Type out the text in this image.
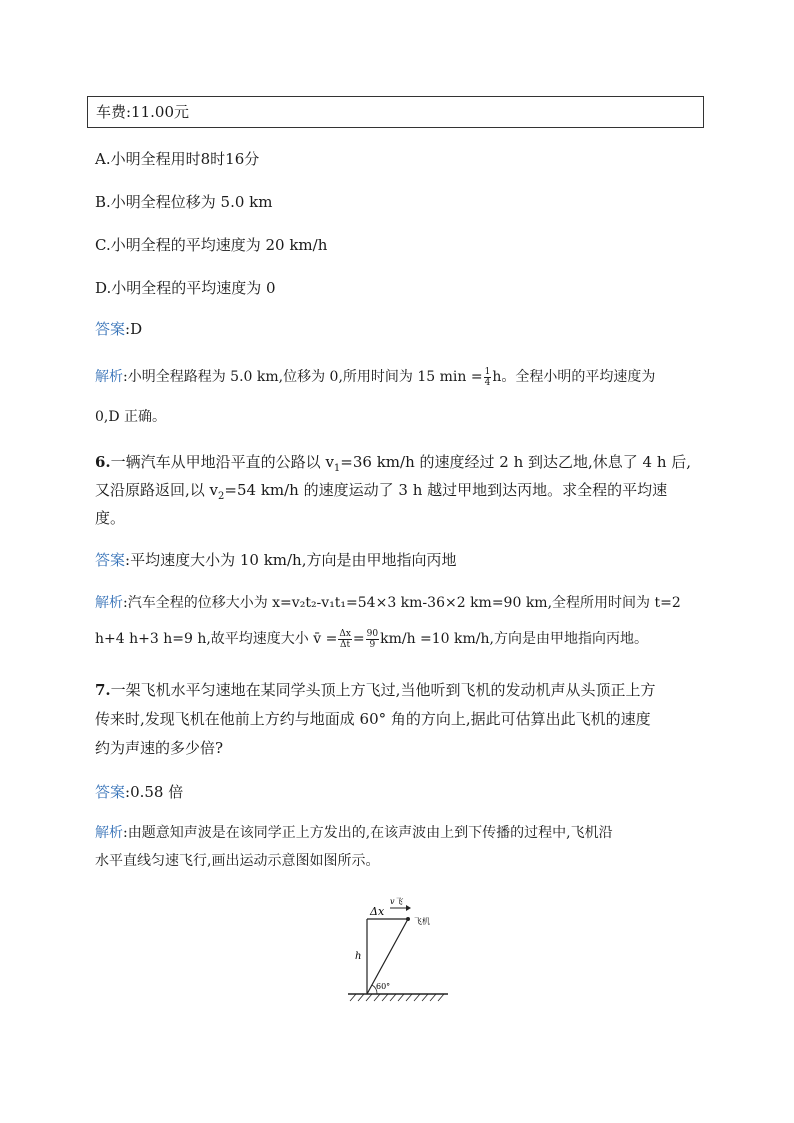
车费:11.00元
A.小明全程用时8时16分
B.小明全程位移为 5.0 km
C.小明全程的平均速度为 20 km/h
D.小明全程的平均速度为 0
答案:D
解析:小明全程路程为 5.0 km,位移为 0,所用时间为 15 $\min = \frac{1}{4}$ h。全程小明的平均速度为
0,D 正确。
6.一辆汽车从甲地沿平直的公路以 $v_1=36$ km/h 的速度经过 2 h 到达乙地,休息了 4 h 后,
又沿原路返回,以 $v_2=54$ km/h 的速度运动了 3 h 越过甲地到达丙地。求全程的平均速
度。
答案:平均速度大小为 10 km/h,方向是由甲地指向丙地
解析:汽车全程的位移大小为 x=v₂t₂-v₁t₁=54×3 km-36×2 km=90 km,全程所用时间为 t=2
h+4 h+3 h=9 h,故平均速度大小 v̄ = $\frac{\Delta x}{\Delta t} = \frac{90}{9} km/h =10$ km/h,方向是由甲地指向丙地。
7.一架飞机水平匀速地在某同学头顶上方飞过,当他听到飞机的发动机声从头顶正上方
传来时,发现飞机在他前上方约与地面成 60° 角的方向上,据此可估算出此飞机的速度
约为声速的多少倍?
答案:0.58 倍
解析:由题意知声波是在该同学正上方发出的,在该声波由上到下传播的过程中,飞机沿
水平直线匀速飞行,画出运动示意图如图所示。
Δx
v飞
飞机
h
60°
